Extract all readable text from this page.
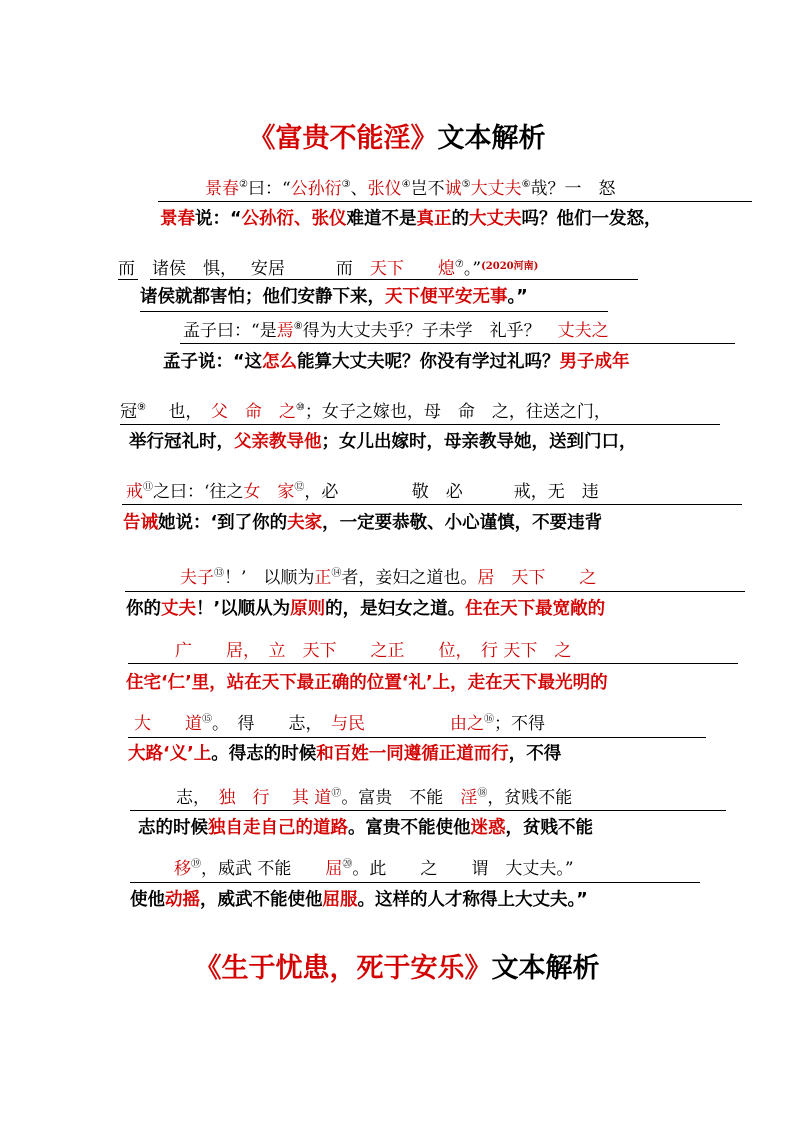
《富贵不能淫》文本解析
景春②曰：“公孙衍③、张仪④岂不诚⑤大丈夫⑥哉？一　怒
景春说：“公孙衍、张仪难道不是真正的大丈夫吗？他们一发怒，
而　 诸侯　惧，　 安居　　　而　 天下　　熄⑦。”$^{(2020河南)}$
诸侯就都害怕；他们安静下来，天下便平安无事。”
孟子曰：“是焉⑧得为大丈夫乎？子未学　礼乎？　 丈夫之
孟子说：“这怎么能算大丈夫呢？你没有学过礼吗？男子成年
冠⑨　 也，　 父　命　之⑩；女子之嫁也，母　命　之，往送之门，
举行冠礼时，父亲教导他；女儿出嫁时，母亲教导她，送到门口，
戒⑪之曰：‘往之女　家⑫，必　　　　 敬　必　　　戒，无　违
告诫她说：‘到了你的夫家，一定要恭敬、小心谨慎，不要违背
夫子⑬！’　以顺为正⑭者，妾妇之道也。居　天下　　之
你的丈夫！’以顺从为原则的，是妇女之道。住在天下最宽敞的
广　　居，　立　天下　　之正　　位，　行 天下　之
住宅‘仁’里，站在天下最正确的位置‘礼’上，走在天下最光明的
大　　道⑮。　得　　志，　 与民　　　　　由之⑯；不得
大路‘义’上。得志的时候和百姓一同遵循正道而行，不得
志，　 独　行　 其 道⑰。富贵　不能　 淫⑱，贫贱不能
志的时候独自走自己的道路。富贵不能使他迷惑，贫贱不能
移⑲，威武 不能　　屈⑳。此　　之　　谓　大丈夫。”
使他动摇，威武不能使他屈服。这样的人才称得上大丈夫。”
《生于忧患，死于安乐》文本解析
